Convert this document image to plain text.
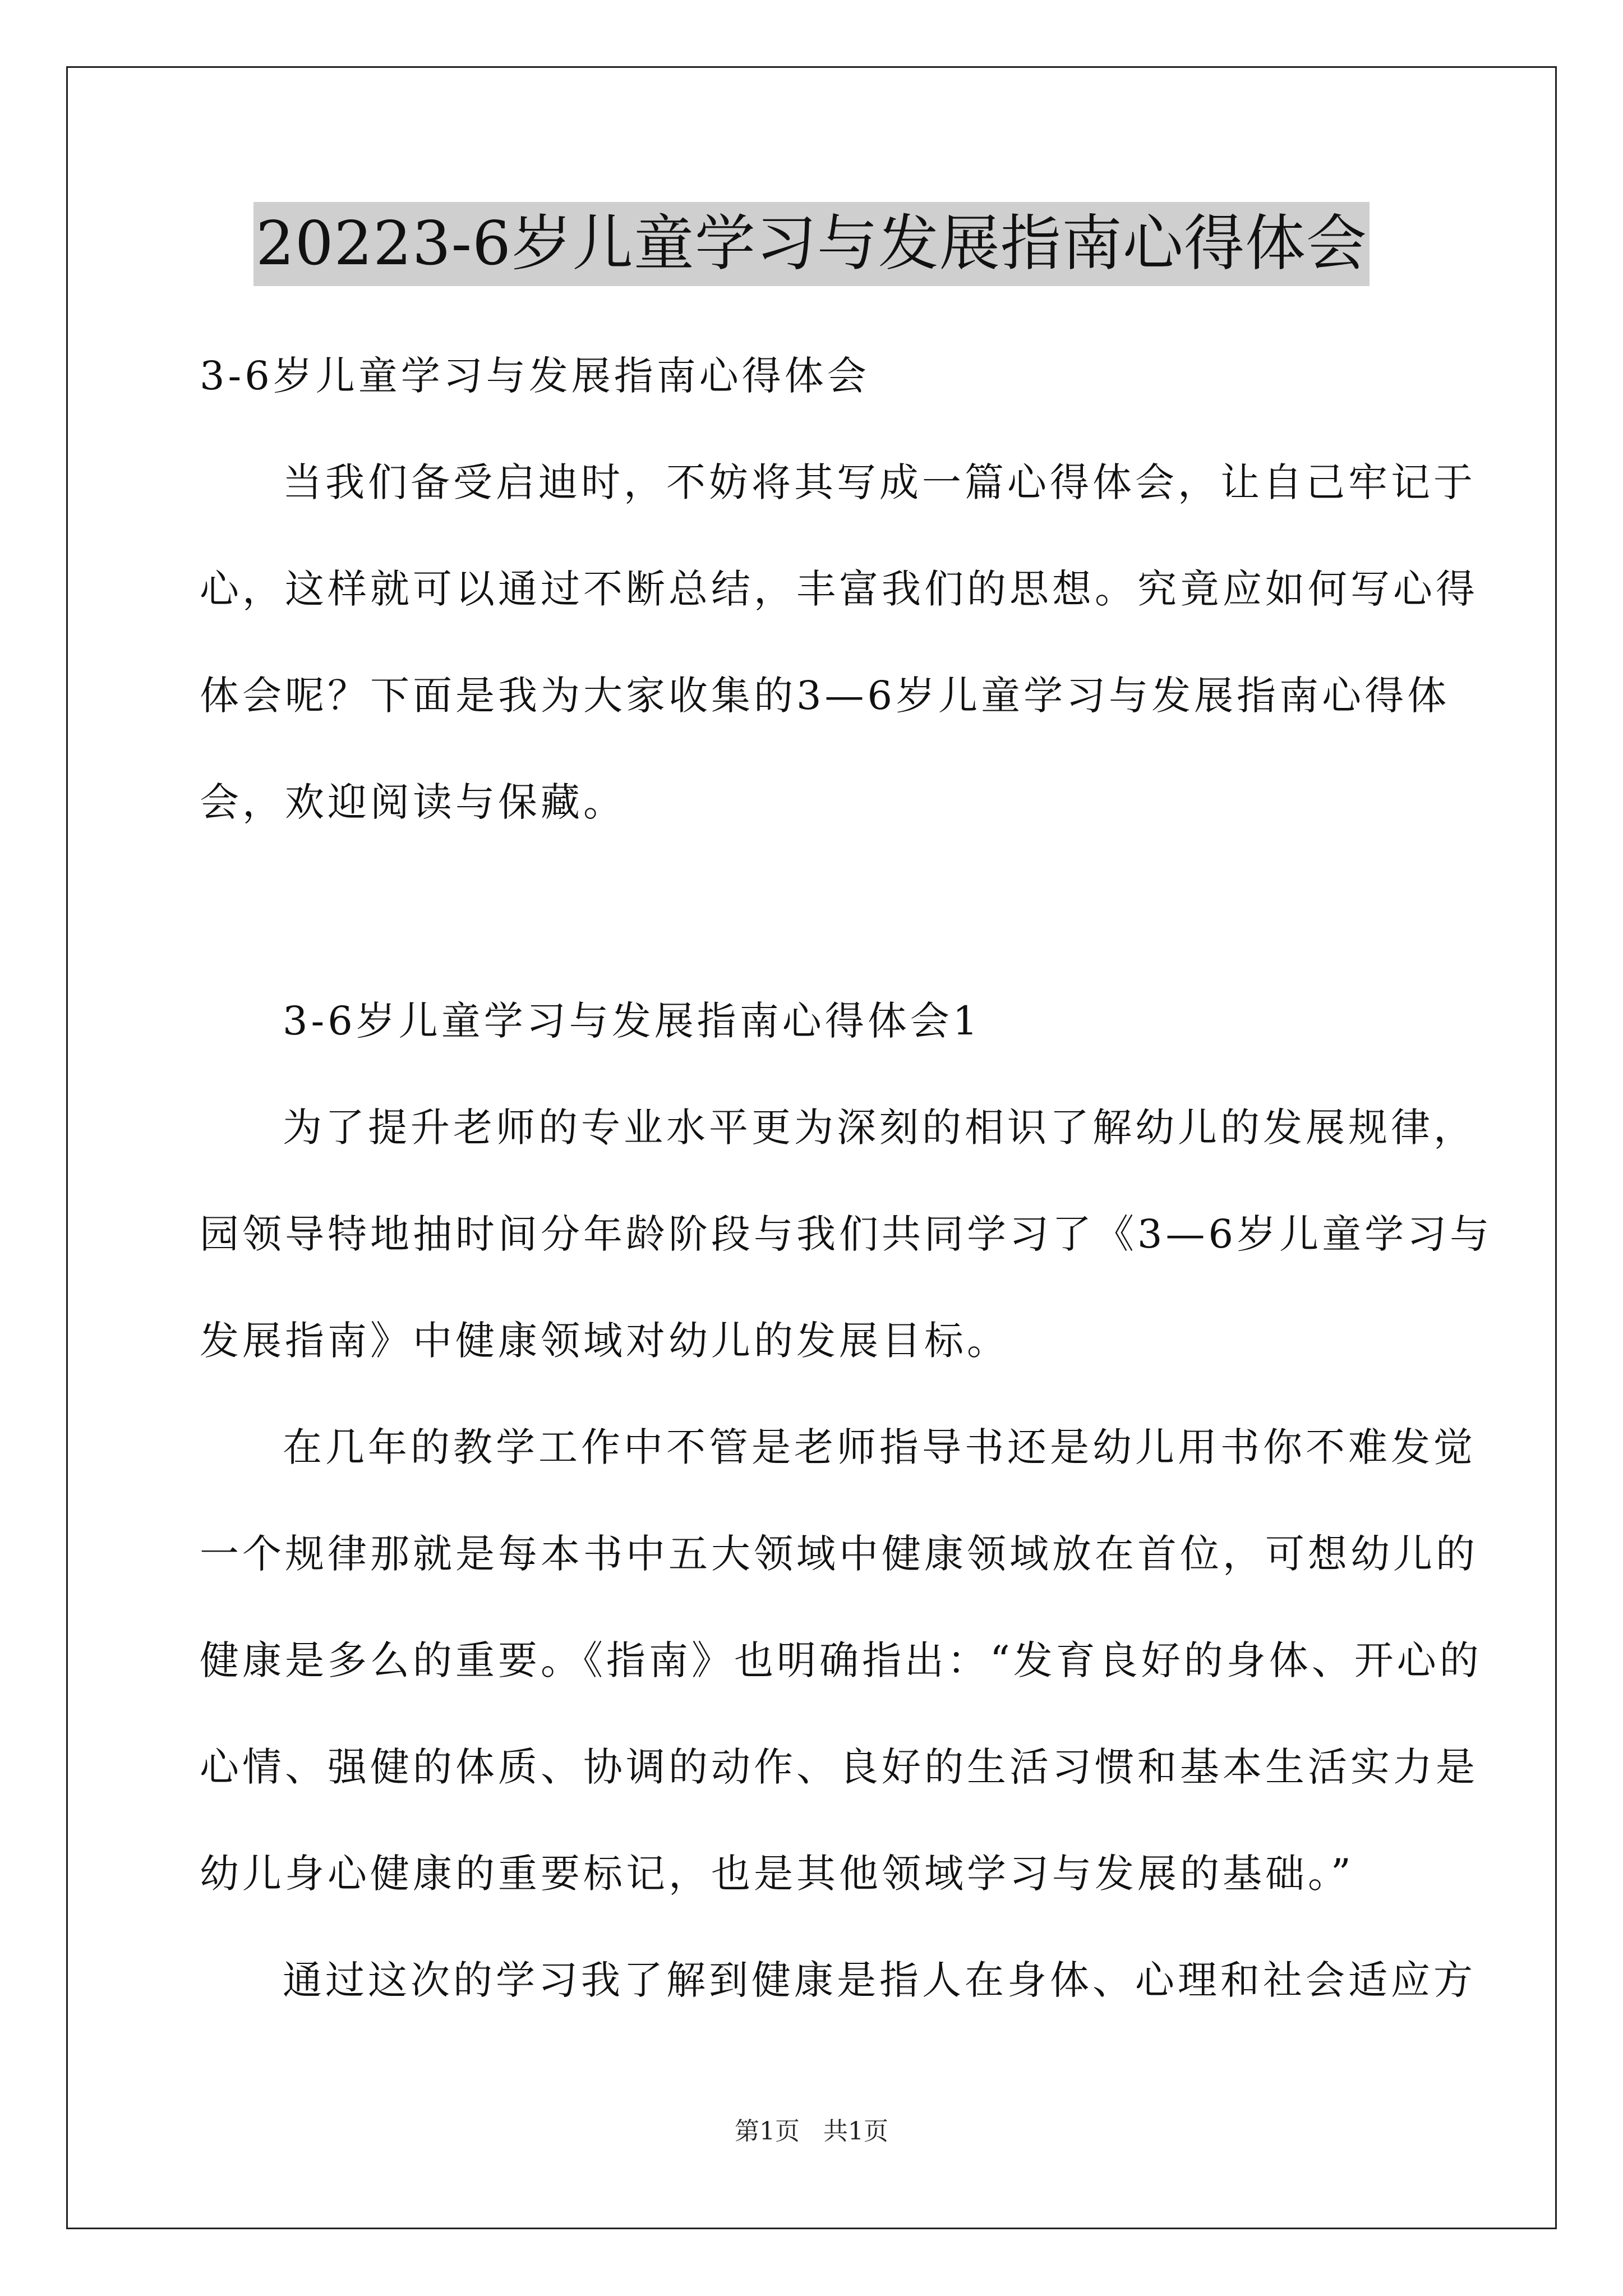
20223-6岁儿童学习与发展指南心得体会
3-6岁儿童学习与发展指南心得体会
当我们备受启迪时，不妨将其写成一篇心得体会，让自己牢记于
心，这样就可以通过不断总结，丰富我们的思想。究竟应如何写心得
体会呢？下面是我为大家收集的3—6岁儿童学习与发展指南心得体
会，欢迎阅读与保藏。
3-6岁儿童学习与发展指南心得体会1
为了提升老师的专业水平更为深刻的相识了解幼儿的发展规律，
园领导特地抽时间分年龄阶段与我们共同学习了《3—6岁儿童学习与
发展指南》中健康领域对幼儿的发展目标。
在几年的教学工作中不管是老师指导书还是幼儿用书你不难发觉
一个规律那就是每本书中五大领域中健康领域放在首位，可想幼儿的
健康是多么的重要。《指南》也明确指出：“发育良好的身体、开心的
心情、强健的体质、协调的动作、良好的生活习惯和基本生活实力是
幼儿身心健康的重要标记，也是其他领域学习与发展的基础。”
通过这次的学习我了解到健康是指人在身体、心理和社会适应方
第1页   共1页
